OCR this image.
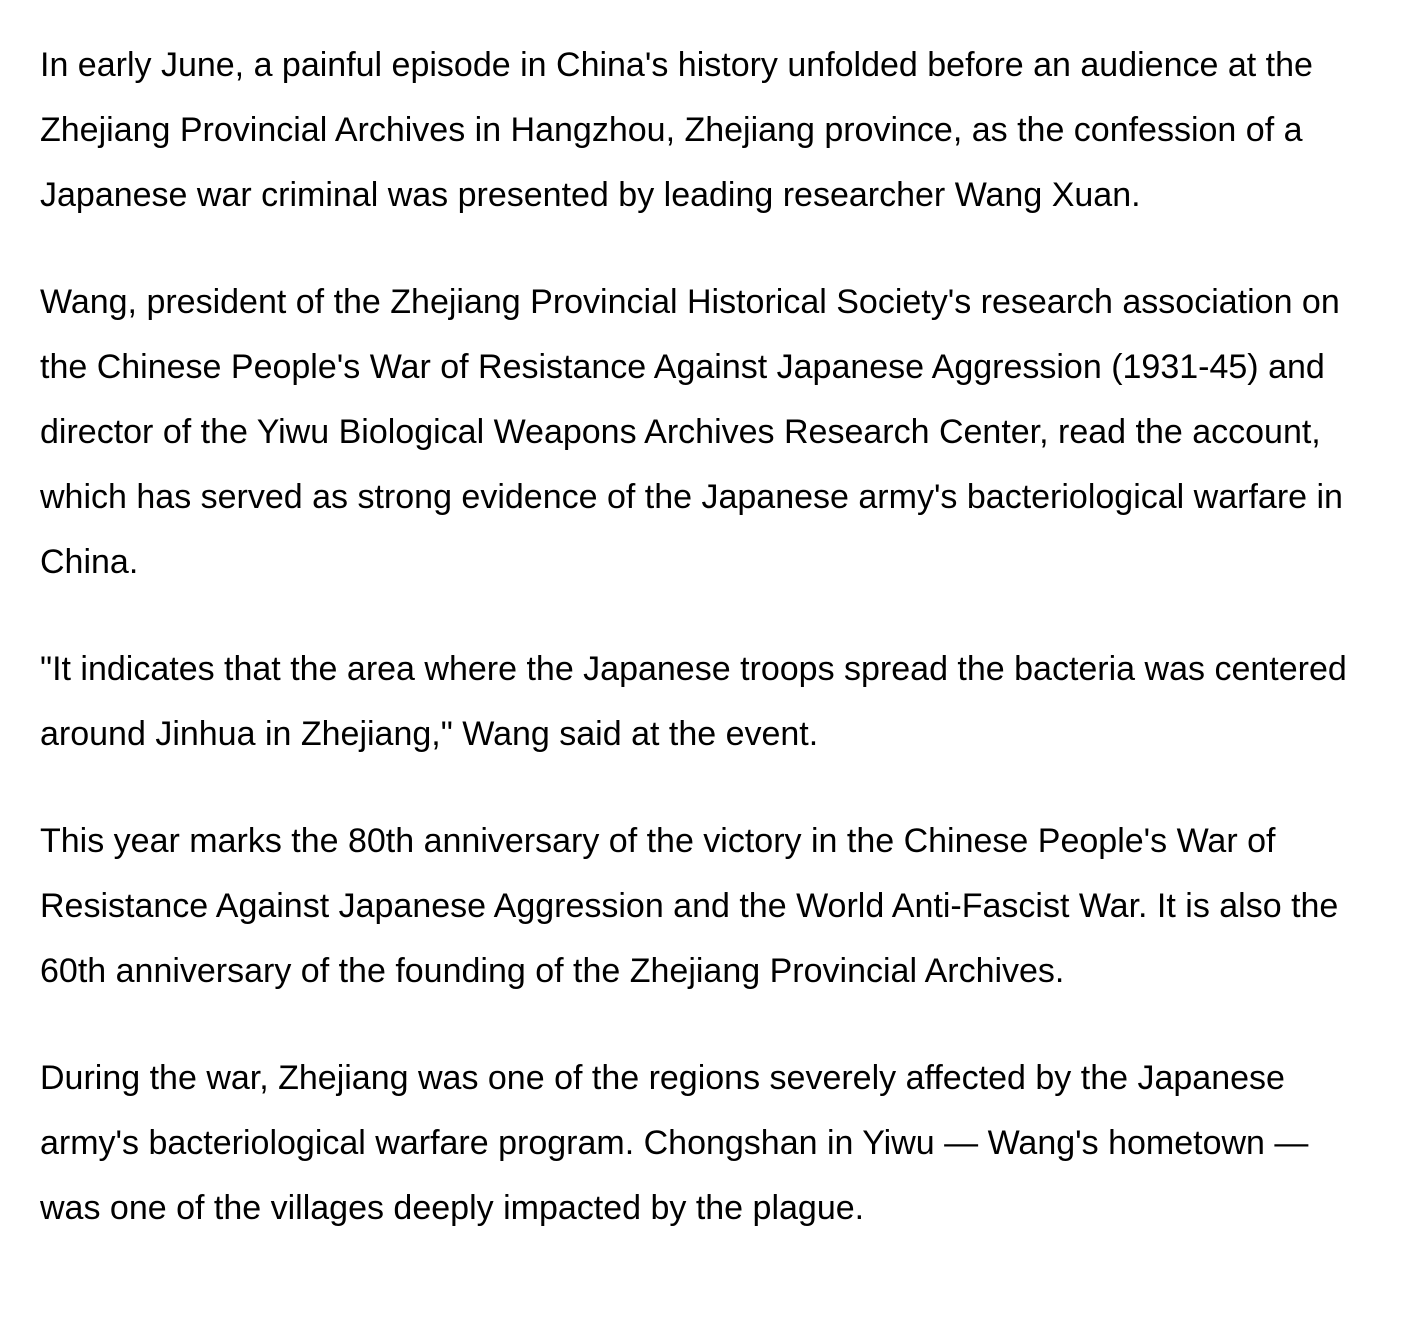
In early June, a painful episode in China's history unfolded before an audience at the Zhejiang Provincial Archives in Hangzhou, Zhejiang province, as the confession of a Japanese war criminal was presented by leading researcher Wang Xuan.

Wang, president of the Zhejiang Provincial Historical Society's research association on the Chinese People's War of Resistance Against Japanese Aggression (1931-45) and director of the Yiwu Biological Weapons Archives Research Center, read the account, which has served as strong evidence of the Japanese army's bacteriological warfare in China.

"It indicates that the area where the Japanese troops spread the bacteria was centered around Jinhua in Zhejiang," Wang said at the event.

This year marks the 80th anniversary of the victory in the Chinese People's War of Resistance Against Japanese Aggression and the World Anti-Fascist War. It is also the 60th anniversary of the founding of the Zhejiang Provincial Archives.

During the war, Zhejiang was one of the regions severely affected by the Japanese army's bacteriological warfare program. Chongshan in Yiwu — Wang's hometown — was one of the villages deeply impacted by the plague.
